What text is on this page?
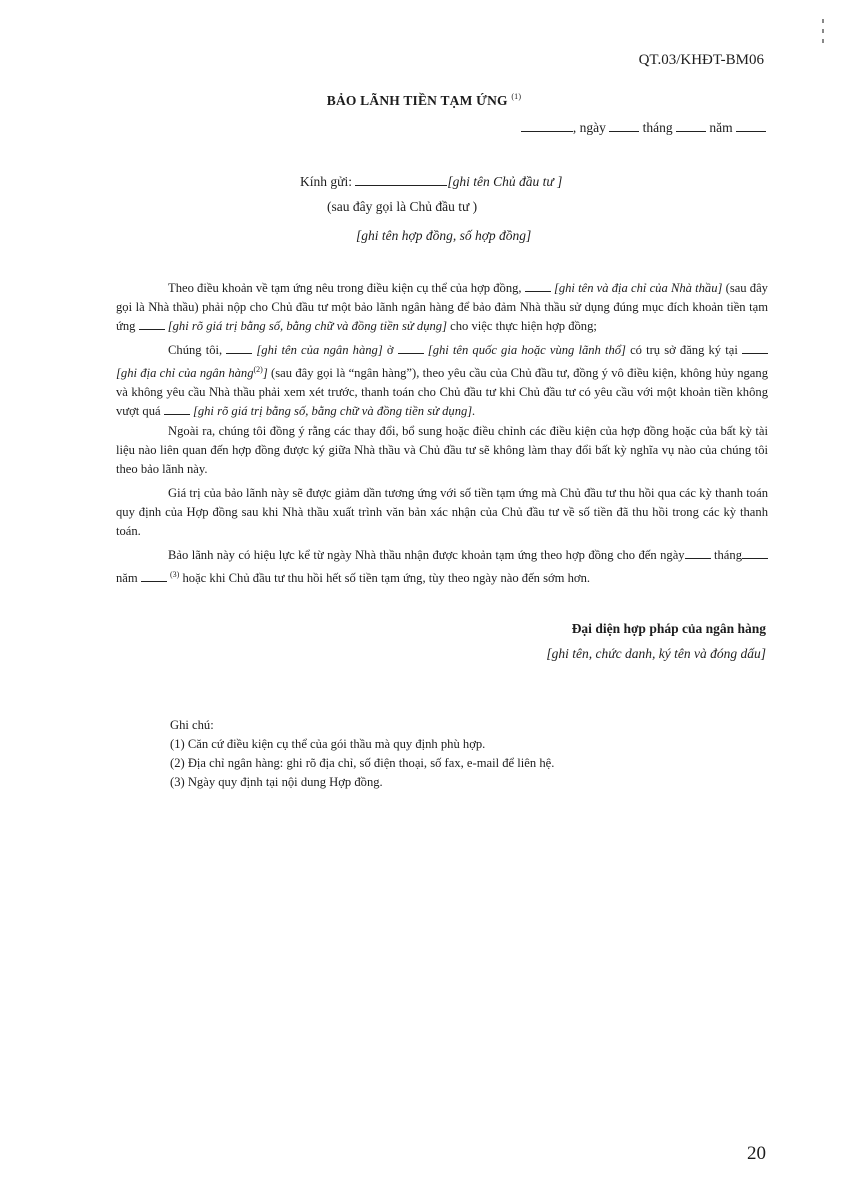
QT.03/KHĐT-BM06
BẢO LÃNH TIỀN TẠM ỨNG $^{(1)}$
, ngày	tháng	năm
Kính gửi:	[ghi tên Chủ đầu tư ]
(sau đây gọi là Chủ đầu tư )
[ghi tên hợp đồng, số hợp đồng]
Theo điều khoản về tạm ứng nêu trong điều kiện cụ thể của hợp đồng,	[ghi tên và địa chỉ của Nhà thầu] (sau đây gọi là Nhà thầu) phải nộp cho Chủ đầu tư một bảo lãnh ngân hàng để bảo đảm Nhà thầu sử dụng đúng mục đích khoản tiền tạm ứng	[ghi rõ giá trị bằng số, bằng chữ và đồng tiền sử dụng] cho việc thực hiện hợp đồng;
Chúng tôi,	[ghi tên của ngân hàng] ở	[ghi tên quốc gia hoặc vùng lãnh thổ] có trụ sở đăng ký tại  [ghi địa chỉ của ngân hàng$^{(2)}$] (sau đây gọi là “ngân hàng”), theo yêu cầu của Chủ đầu tư, đồng ý vô điều kiện, không hủy ngang và không yêu cầu Nhà thầu phải xem xét trước, thanh toán cho Chủ đầu tư khi Chủ đầu tư có yêu cầu với một khoản tiền không vượt quá	[ghi rõ giá trị bằng số, bằng chữ và đồng tiền sử dụng].
Ngoài ra, chúng tôi đồng ý rằng các thay đổi, bổ sung hoặc điều chỉnh các điều kiện của hợp đồng hoặc của bất kỳ tài liệu nào liên quan đến hợp đồng được ký giữa Nhà thầu và Chủ đầu tư sẽ không làm thay đổi bất kỳ nghĩa vụ nào của chúng tôi theo bảo lãnh này.
Giá trị của bảo lãnh này sẽ được giảm dần tương ứng với số tiền tạm ứng mà Chủ đầu tư thu hồi qua các kỳ thanh toán quy định của Hợp đồng sau khi Nhà thầu xuất trình văn bản xác nhận của Chủ đầu tư về số tiền đã thu hồi trong các kỳ thanh toán.
Bảo lãnh này có hiệu lực kể từ ngày Nhà thầu nhận được khoản tạm ứng theo hợp đồng cho đến ngày tháng năm	$^{(3)}$ hoặc khi Chủ đầu tư thu hồi hết số tiền tạm ứng, tùy theo ngày nào đến sớm hơn.
Đại diện hợp pháp của ngân hàng
[ghi tên, chức danh, ký tên và đóng dấu]
Ghi chú:
(1) Căn cứ điều kiện cụ thể của gói thầu mà quy định phù hợp.
(2) Địa chỉ ngân hàng: ghi rõ địa chỉ, số điện thoại, số fax, e-mail để liên hệ.
(3) Ngày quy định tại nội dung Hợp đồng.
20
